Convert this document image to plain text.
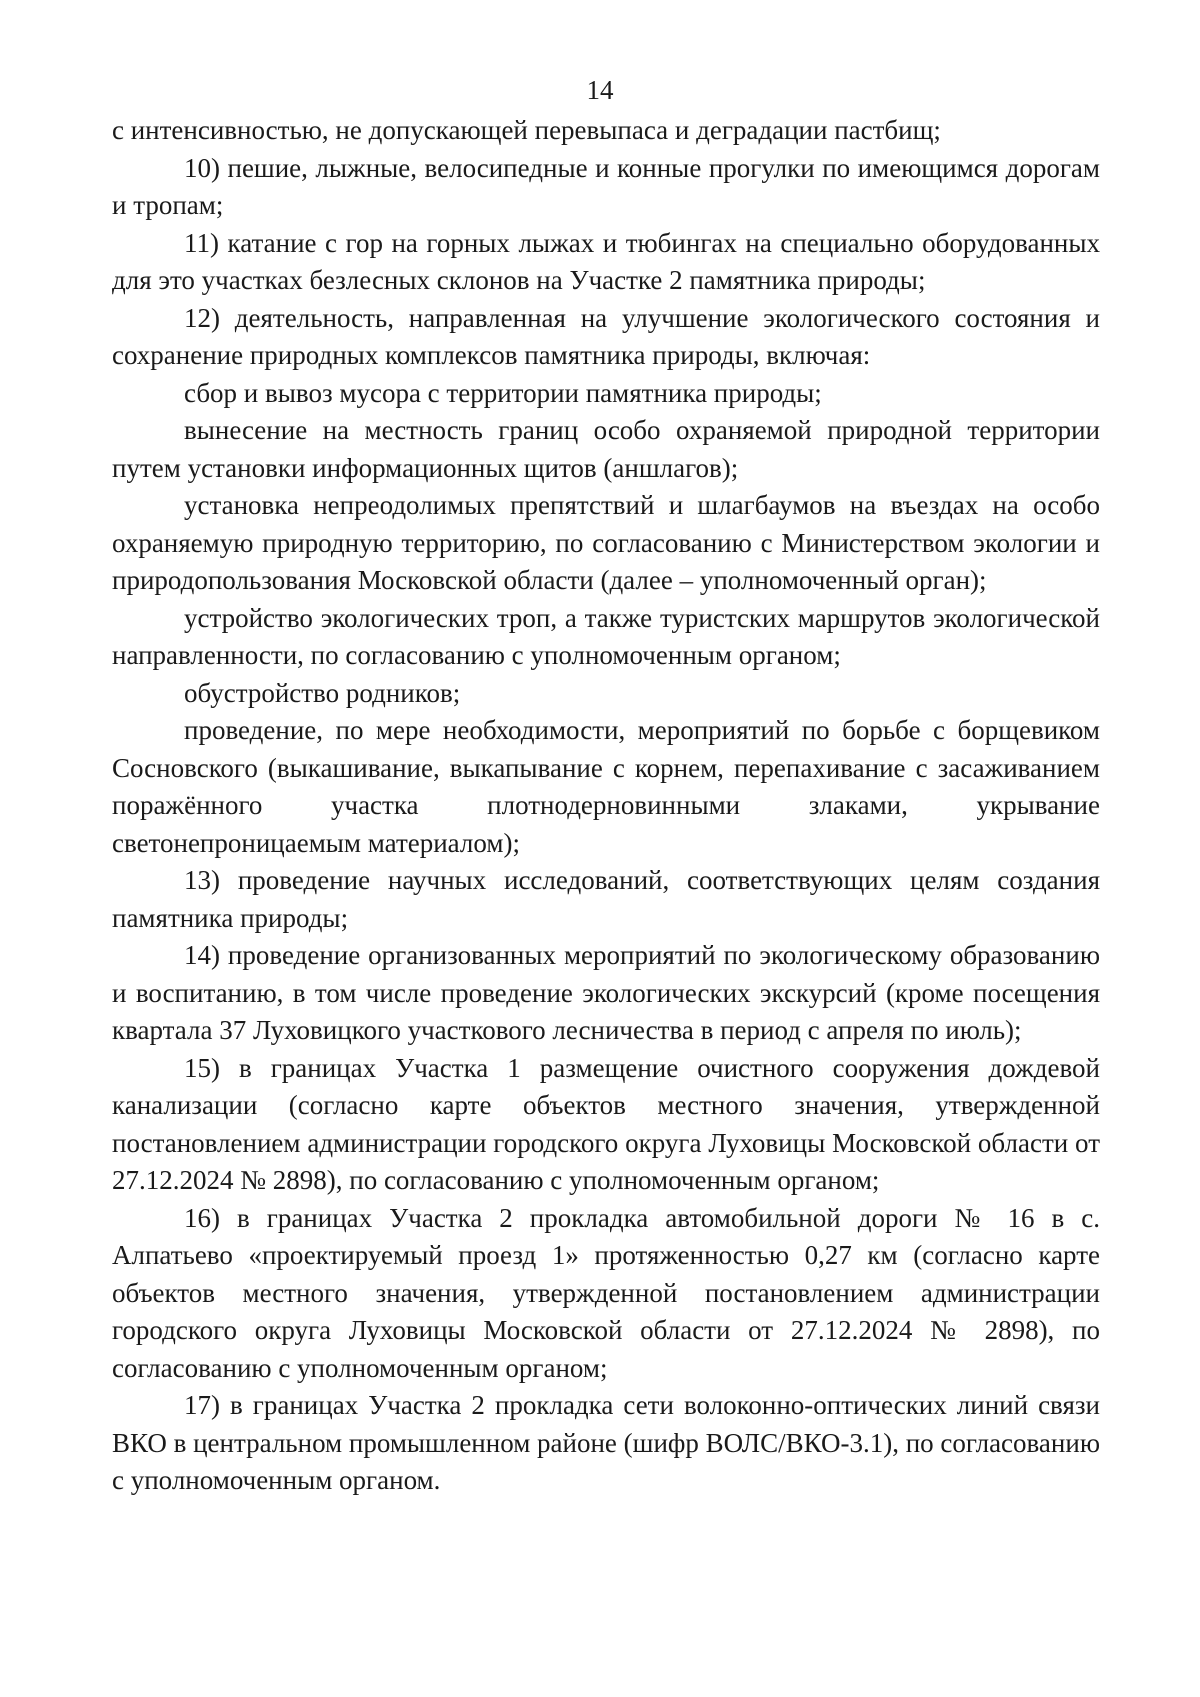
14

с интенсивностью, не допускающей перевыпаса и деградации пастбищ;

10) пешие, лыжные, велосипедные и конные прогулки по имеющимся дорогам и тропам;

11) катание с гор на горных лыжах и тюбингах на специально оборудованных для это участках безлесных склонов на Участке 2 памятника природы;

12) деятельность, направленная на улучшение экологического состояния и сохранение природных комплексов памятника природы, включая:

сбор и вывоз мусора с территории памятника природы;

вынесение на местность границ особо охраняемой природной территории путем установки информационных щитов (аншлагов);

установка непреодолимых препятствий и шлагбаумов на въездах на особо охраняемую природную территорию, по согласованию с Министерством экологии и природопользования Московской области (далее – уполномоченный орган);

устройство экологических троп, а также туристских маршрутов экологической направленности, по согласованию с уполномоченным органом;

обустройство родников;

проведение, по мере необходимости, мероприятий по борьбе с борщевиком Сосновского (выкашивание, выкапывание с корнем, перепахивание с засаживанием поражённого участка плотнодерновинными злаками, укрывание светонепроницаемым материалом);

13) проведение научных исследований, соответствующих целям создания памятника природы;

14) проведение организованных мероприятий по экологическому образованию и воспитанию, в том числе проведение экологических экскурсий (кроме посещения квартала 37 Луховицкого участкового лесничества в период с апреля по июль);

15) в границах Участка 1 размещение очистного сооружения дождевой канализации (согласно карте объектов местного значения, утвержденной постановлением администрации городского округа Луховицы Московской области от 27.12.2024 № 2898), по согласованию с уполномоченным органом;

16) в границах Участка 2 прокладка автомобильной дороги № 16 в с. Алпатьево «проектируемый проезд 1» протяженностью 0,27 км (согласно карте объектов местного значения, утвержденной постановлением администрации городского округа Луховицы Московской области от 27.12.2024 № 2898), по согласованию с уполномоченным органом;

17) в границах Участка 2 прокладка сети волоконно-оптических линий связи ВКО в центральном промышленном районе (шифр ВОЛС/ВКО-3.1), по согласованию с уполномоченным органом.
